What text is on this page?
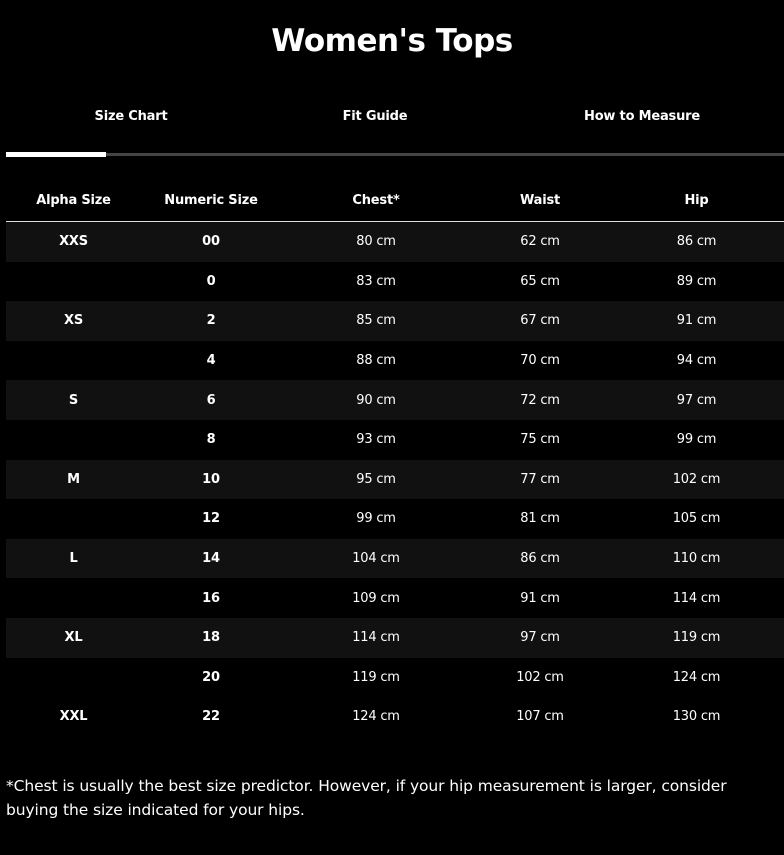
Women's Tops
Size Chart	Fit Guide	How to Measure
Alpha Size	Numeric Size	Chest*	Waist	Hip
XXS	00	80 cm	62 cm	86 cm
	0	83 cm	65 cm	89 cm
XS	2	85 cm	67 cm	91 cm
	4	88 cm	70 cm	94 cm
S	6	90 cm	72 cm	97 cm
	8	93 cm	75 cm	99 cm
M	10	95 cm	77 cm	102 cm
	12	99 cm	81 cm	105 cm
L	14	104 cm	86 cm	110 cm
	16	109 cm	91 cm	114 cm
XL	18	114 cm	97 cm	119 cm
	20	119 cm	102 cm	124 cm
XXL	22	124 cm	107 cm	130 cm
*Chest is usually the best size predictor. However, if your hip measurement is larger, consider buying the size indicated for your hips.
